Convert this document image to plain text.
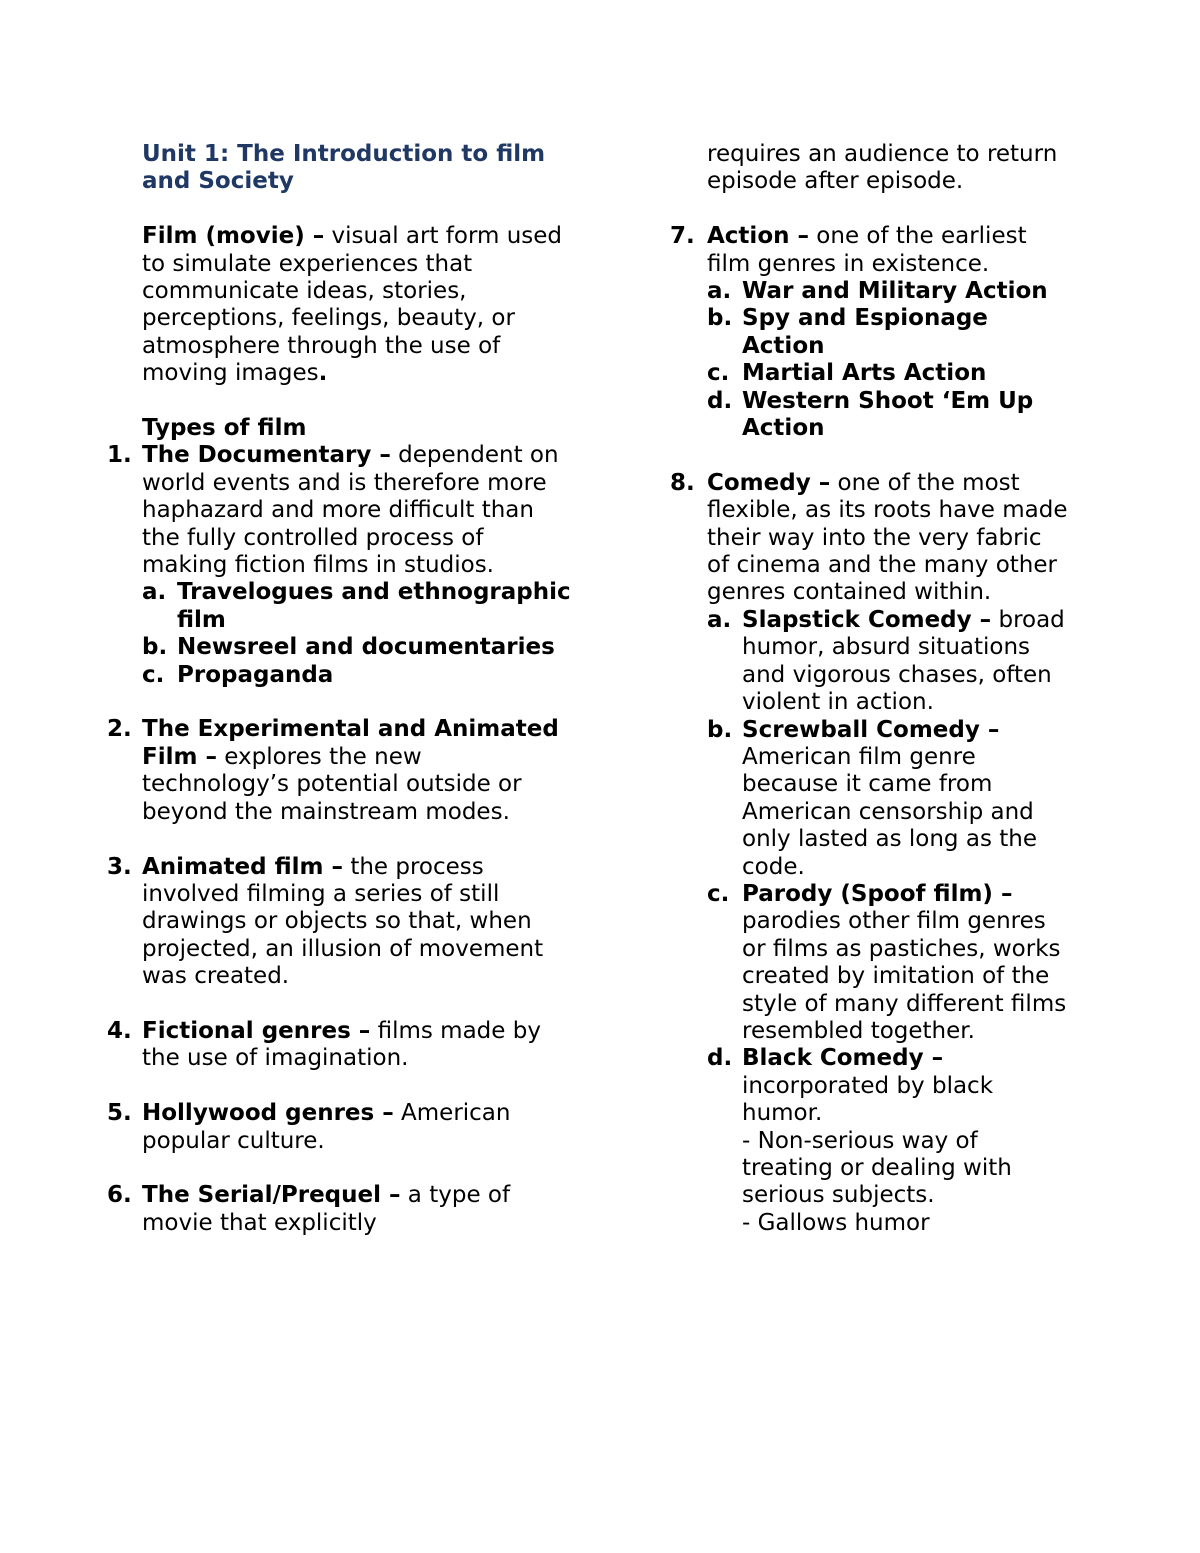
Unit 1: The Introduction to film
and Society

Film (movie) – visual art form used to simulate experiences that communicate ideas, stories, perceptions, feelings, beauty, or atmosphere through the use of moving images.

Types of film

1. The Documentary – dependent on world events and is therefore more haphazard and more difficult than the fully controlled process of making fiction films in studios.
a. Travelogues and ethnographic film
b. Newsreel and documentaries
c. Propaganda
2. The Experimental and Animated Film – explores the new technology’s potential outside or beyond the mainstream modes.
3. Animated film – the process involved filming a series of still drawings or objects so that, when projected, an illusion of movement was created.
4. Fictional genres – films made by the use of imagination.
5. Hollywood genres – American popular culture.
6. The Serial/Prequel – a type of movie that explicitly

requires an audience to return episode after episode.

7. Action – one of the earliest film genres in existence.
a. War and Military Action
b. Spy and Espionage Action
c. Martial Arts Action
d. Western Shoot ‘Em Up Action
8. Comedy – one of the most flexible, as its roots have made their way into the very fabric of cinema and the many other genres contained within.
a. Slapstick Comedy – broad humor, absurd situations and vigorous chases, often violent in action.
b. Screwball Comedy – American film genre because it came from American censorship and only lasted as long as the code.
c. Parody (Spoof film) – parodies other film genres or films as pastiches, works created by imitation of the style of many different films resembled together.
d. Black Comedy – incorporated by black humor.
- Non-serious way of treating or dealing with serious subjects.
- Gallows humor
